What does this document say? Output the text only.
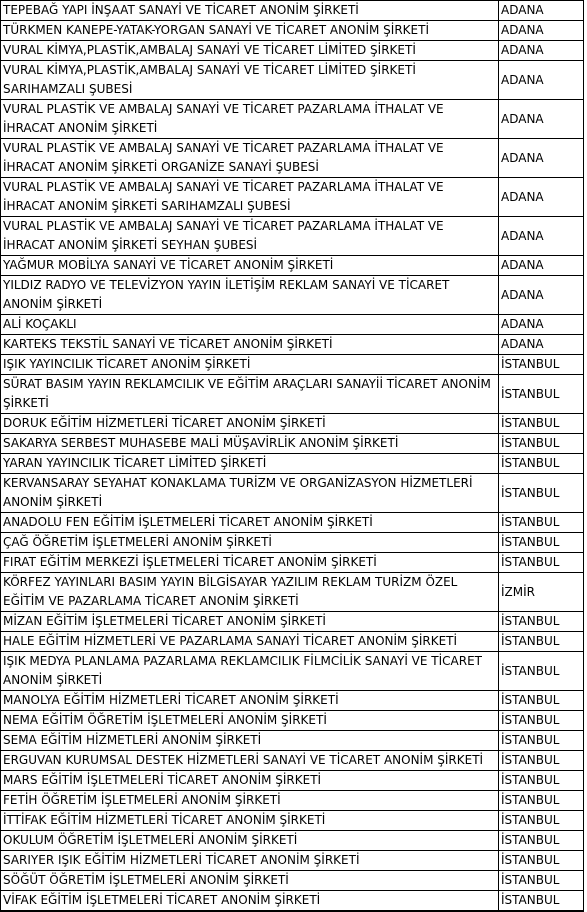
TEPEBAĞ YAPI İNŞAAT SANAYİ VE TİCARET ANONİM ŞİRKETİ	ADANA
TÜRKMEN KANEPE-YATAK-YORGAN SANAYİ VE TİCARET ANONİM ŞİRKETİ	ADANA
VURAL KİMYA,PLASTİK,AMBALAJ SANAYİ VE TİCARET LİMİTED ŞİRKETİ	ADANA
VURAL KİMYA,PLASTİK,AMBALAJ SANAYİ VE TİCARET LİMİTED ŞİRKETİ SARIHAMZALI ŞUBESİ	ADANA
VURAL PLASTİK VE AMBALAJ SANAYİ VE TİCARET PAZARLAMA İTHALAT VE İHRACAT ANONİM ŞİRKETİ	ADANA
VURAL PLASTİK VE AMBALAJ SANAYİ VE TİCARET PAZARLAMA İTHALAT VE İHRACAT ANONİM ŞİRKETİ ORGANİZE SANAYİ ŞUBESİ	ADANA
VURAL PLASTİK VE AMBALAJ SANAYİ VE TİCARET PAZARLAMA İTHALAT VE İHRACAT ANONİM ŞİRKETİ SARIHAMZALI ŞUBESİ	ADANA
VURAL PLASTİK VE AMBALAJ SANAYİ VE TİCARET PAZARLAMA İTHALAT VE İHRACAT ANONİM ŞİRKETİ SEYHAN ŞUBESİ	ADANA
YAĞMUR MOBİLYA SANAYİ VE TİCARET ANONİM ŞİRKETİ	ADANA
YILDIZ RADYO VE TELEVİZYON YAYIN İLETİŞİM REKLAM SANAYİ VE TİCARET ANONİM ŞİRKETİ	ADANA
ALİ KOÇAKLI	ADANA
KARTEKS TEKSTİL SANAYİ VE TİCARET ANONİM ŞİRKETİ	ADANA
IŞIK YAYINCILIK TİCARET ANONİM ŞİRKETİ	İSTANBUL
SÜRAT BASIM YAYIN REKLAMCILIK VE EĞİTİM ARAÇLARI SANAYİİ TİCARET ANONİM ŞİRKETİ	İSTANBUL
DORUK EĞİTİM HİZMETLERİ TİCARET ANONİM ŞİRKETİ	İSTANBUL
SAKARYA SERBEST MUHASEBE MALİ MÜŞAVİRLİK ANONİM ŞİRKETİ	İSTANBUL
YARAN YAYINCILIK TİCARET LİMİTED ŞİRKETİ	İSTANBUL
KERVANSARAY SEYAHAT KONAKLAMA TURİZM VE ORGANİZASYON HİZMETLERİ ANONİM ŞİRKETİ	İSTANBUL
ANADOLU FEN EĞİTİM İŞLETMELERİ TİCARET ANONİM ŞİRKETİ	İSTANBUL
ÇAĞ ÖĞRETİM İŞLETMELERİ ANONİM ŞİRKETİ	İSTANBUL
FIRAT EĞİTİM MERKEZİ İŞLETMELERİ TİCARET ANONİM ŞİRKETİ	İSTANBUL
KÖRFEZ YAYINLARI BASIM YAYIN BİLGİSAYAR YAZILIM REKLAM TURİZM ÖZEL EĞİTİM VE PAZARLAMA TİCARET ANONİM ŞİRKETİ	İZMİR
MİZAN EĞİTİM İŞLETMELERİ TİCARET ANONİM ŞİRKETİ	İSTANBUL
HALE EĞİTİM HİZMETLERİ VE PAZARLAMA SANAYİ TİCARET ANONİM ŞİRKETİ	İSTANBUL
IŞIK MEDYA PLANLAMA PAZARLAMA REKLAMCILIK FİLMCİLİK SANAYİ VE TİCARET ANONİM ŞİRKETİ	İSTANBUL
MANOLYA EĞİTİM HİZMETLERİ TİCARET ANONİM ŞİRKETİ	İSTANBUL
NEMA EĞİTİM ÖĞRETİM İŞLETMELERİ ANONİM ŞİRKETİ	İSTANBUL
SEMA EĞİTİM HİZMETLERİ ANONİM ŞİRKETİ	İSTANBUL
ERGUVAN KURUMSAL DESTEK HİZMETLERİ SANAYİ VE TİCARET ANONİM ŞİRKETİ	İSTANBUL
MARS EĞİTİM İŞLETMELERİ TİCARET ANONİM ŞİRKETİ	İSTANBUL
FETİH ÖĞRETİM İŞLETMELERİ ANONİM ŞİRKETİ	İSTANBUL
İTTİFAK EĞİTİM HİZMETLERİ TİCARET ANONİM ŞİRKETİ	İSTANBUL
OKULUM ÖĞRETİM İŞLETMELERİ ANONİM ŞİRKETİ	İSTANBUL
SARIYER IŞIK EĞİTİM HİZMETLERİ TİCARET ANONİM ŞİRKETİ	İSTANBUL
SÖĞÜT ÖĞRETİM İŞLETMELERİ ANONİM ŞİRKETİ	İSTANBUL
VİFAK EĞİTİM İŞLETMELERİ TİCARET ANONİM ŞİRKETİ	İSTANBUL
